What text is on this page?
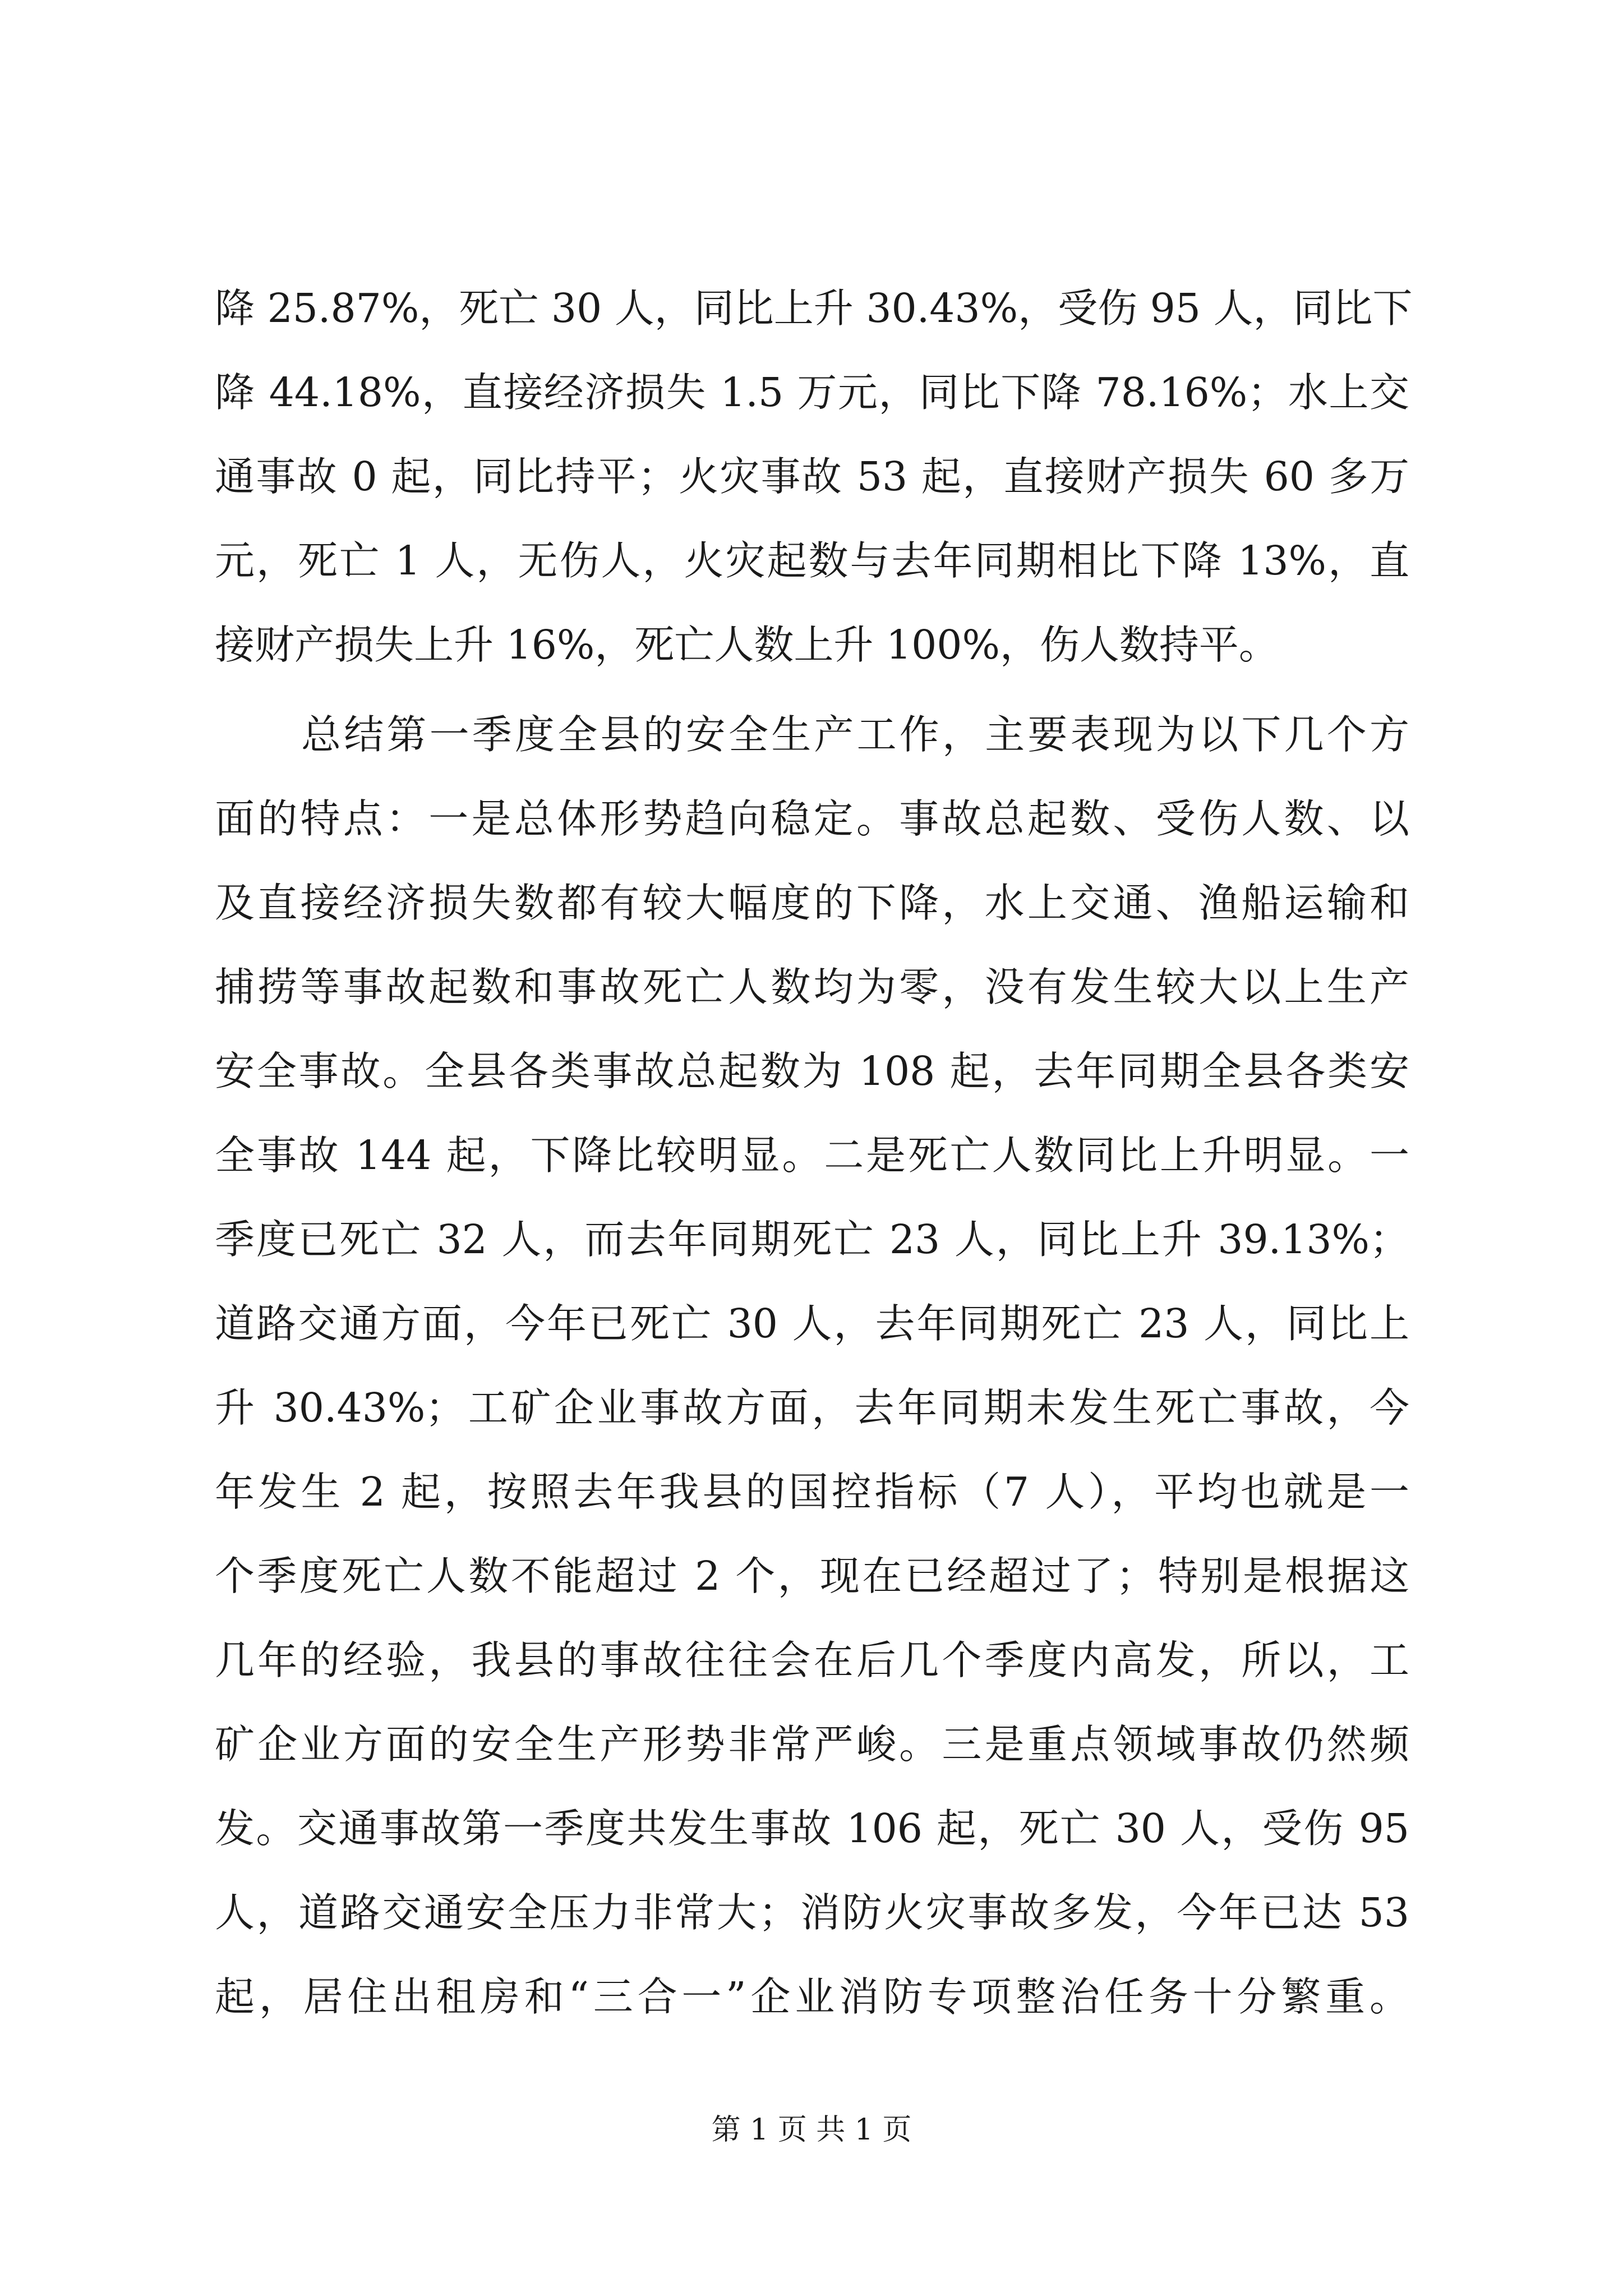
降 25.87%，死亡 30 人，同比上升 30.43%，受伤 95 人，同比下
降 44.18%，直接经济损失 1.5 万元，同比下降 78.16%；水上交
通事故 0 起，同比持平；火灾事故 53 起，直接财产损失 60 多万
元，死亡 1 人，无伤人，火灾起数与去年同期相比下降 13%，直
接财产损失上升 16%，死亡人数上升 100%，伤人数持平。
总结第一季度全县的安全生产工作，主要表现为以下几个方
面的特点：一是总体形势趋向稳定。事故总起数、受伤人数、以
及直接经济损失数都有较大幅度的下降，水上交通、渔船运输和
捕捞等事故起数和事故死亡人数均为零，没有发生较大以上生产
安全事故。全县各类事故总起数为 108 起，去年同期全县各类安
全事故 144 起，下降比较明显。二是死亡人数同比上升明显。一
季度已死亡 32 人，而去年同期死亡 23 人，同比上升 39.13%；
道路交通方面，今年已死亡 30 人，去年同期死亡 23 人，同比上
升 30.43%；工矿企业事故方面，去年同期未发生死亡事故，今
年发生 2 起，按照去年我县的国控指标（7 人），平均也就是一
个季度死亡人数不能超过 2 个，现在已经超过了；特别是根据这
几年的经验，我县的事故往往会在后几个季度内高发，所以，工
矿企业方面的安全生产形势非常严峻。三是重点领域事故仍然频
发。交通事故第一季度共发生事故 106 起，死亡 30 人，受伤 95
人，道路交通安全压力非常大；消防火灾事故多发，今年已达 53
起，居住出租房和“三合一”企业消防专项整治任务十分繁重。
第 1 页 共 1 页
